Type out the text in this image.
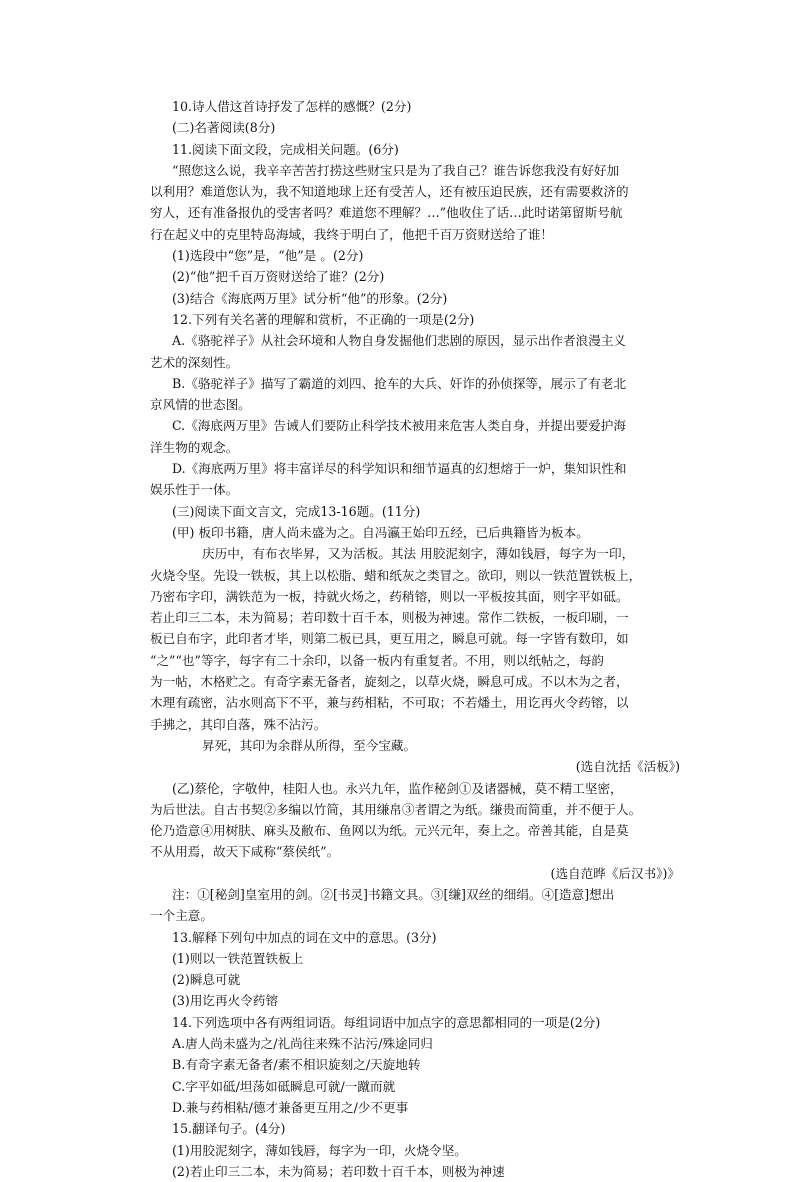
10.诗人借这首诗抒发了怎样的感慨？(2分)
(二)名著阅读(8分)
11.阅读下面文段，完成相关问题。(6分)
“照您这么说，我辛辛苦苦打捞这些财宝只是为了我自己？谁告诉您我没有好好加
以利用？难道您认为，我不知道地球上还有受苦人，还有被压迫民族，还有需要救济的
穷人，还有准备报仇的受害者吗？难道您不理解？…”他收住了话…此时诺第留斯号航
行在起义中的克里特岛海域，我终于明白了，他把千百万资财送给了谁！
(1)选段中“您”是，“他”是 。(2分)
(2)“他”把千百万资财送给了谁？(2分)
(3)结合《海底两万里》试分析“他”的形象。(2分)
12.下列有关名著的理解和赏析，不正确的一项是(2分)
A.《骆驼祥子》从社会环境和人物自身发掘他们悲剧的原因，显示出作者浪漫主义
艺术的深刻性。
B.《骆驼祥子》描写了霸道的刘四、抢车的大兵、奸诈的孙侦探等，展示了有老北
京风情的世态图。
C.《海底两万里》告诫人们要防止科学技术被用来危害人类自身，并提出要爱护海
洋生物的观念。
D.《海底两万里》将丰富详尽的科学知识和细节逼真的幻想熔于一炉，集知识性和
娱乐性于一体。
(三)阅读下面文言文，完成13-16题。(11分)
(甲) 板印书籍，唐人尚未盛为之。自冯瀛王始印五经，已后典籍皆为板本。
庆历中，有布衣毕昇，又为活板。其法 用胶泥刻字，薄如钱唇，每字为一印，
火烧令坚。先设一铁板，其上以松脂、蜡和纸灰之类冒之。欲印，则以一铁范置铁板上，
乃密布字印，满铁范为一板，持就火炀之，药稍镕，则以一平板按其面，则字平如砥。
若止印三二本，未为简易；若印数十百千本，则极为神速。常作二铁板，一板印刷，一
板已自布字，此印者才毕，则第二板已具，更互用之，瞬息可就。每一字皆有数印，如
“之”“也”等字，每字有二十余印，以备一板内有重复者。不用，则以纸帖之，每韵
为一帖，木格贮之。有奇字素无备者，旋刻之，以草火烧，瞬息可成。不以木为之者，
木理有疏密，沾水则高下不平，兼与药相粘，不可取；不若燔土，用讫再火令药镕，以
手拂之，其印自落，殊不沾污。
昇死，其印为余群从所得，至今宝藏。
(选自沈括《活板》)
(乙)蔡伦，字敬仲，桂阳人也。永兴九年，监作秘剑①及诸器械，莫不精工坚密，
为后世法。自古书契②多编以竹简，其用缣帛③者谓之为纸。缣贵而简重，并不便于人。
伦乃造意④用树肤、麻头及敝布、鱼网以为纸。元兴元年，奏上之。帝善其能，自是莫
不从用焉，故天下咸称“蔡侯纸”。
(选自范晔《后汉书》)》
注：①[秘剑]皇室用的剑。②[书灵]书籍文具。③[缣]双丝的细绢。④[造意]想出
一个主意。
13.解释下列句中加点的词在文中的意思。(3分)
(1)则以一铁范置铁板上
(2)瞬息可就
(3)用讫再火令药镕
14.下列选项中各有两组词语。每组词语中加点字的意思都相同的一项是(2分)
A.唐人尚未盛为之/礼尚往来殊不沾污/殊途同归
B.有奇字素无备者/素不相识旋刻之/天旋地转
C.字平如砥/坦荡如砥瞬息可就/一蹴而就
D.兼与药相粘/德才兼备更互用之/少不更事
15.翻译句子。(4分)
(1)用胶泥刻字，薄如钱唇，每字为一印，火烧令坚。
(2)若止印三二本，未为简易；若印数十百千本，则极为神速
